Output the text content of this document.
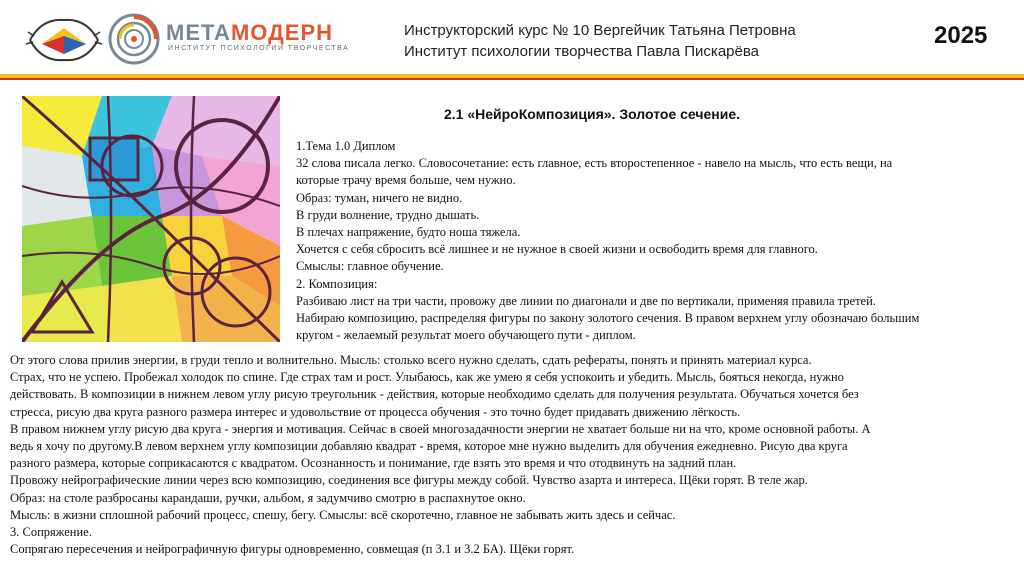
МЕТАМОДЕРН
ИНСТИТУТ ПСИХОЛОГИИ ТВОРЧЕСТВА
Инструкторский курс № 10 Вергейчик Татьяна Петровна
Институт психологии творчества Павла Пискарёва
2025
2.1 «НейроКомпозиция». Золотое сечение.
1.Тема 1.0 Диплом
32 слова писала легко. Словосочетание: есть главное, есть второстепенное - навело на мысль, что есть вещи, на
которые трачу время больше, чем нужно.
Образ: туман, ничего не видно.
В груди волнение, трудно дышать.
В плечах напряжение, будто ноша тяжела.
Хочется с себя сбросить всё лишнее и не нужное в своей жизни и освободить время для главного.
Смыслы: главное обучение.
2. Композиция:
Разбиваю лист на три части, провожу две линии по диагонали и две по вертикали, применяя правила третей.
Набираю композицию, распределяя фигуры по закону золотого сечения. В правом верхнем углу обозначаю большим
кругом - желаемый результат моего обучающего пути - диплом.
От этого слова прилив энергии, в груди тепло и волнительно. Мысль: столько всего нужно сделать, сдать рефераты, понять и принять материал курса.
Страх, что не успею. Пробежал холодок по спине. Где страх там и рост. Улыбаюсь, как же умею я себя успокоить и убедить. Мысль, бояться некогда, нужно
действовать. В композиции в нижнем левом углу рисую треугольник - действия, которые необходимо сделать для получения результата. Обучаться хочется без
стресса, рисую два круга разного размера интерес и удовольствие от процесса обучения - это точно будет придавать движению лёгкость.
В правом нижнем углу рисую два круга - энергия и мотивация. Сейчас в своей многозадачности энергии не хватает больше ни на что, кроме основной работы. А
ведь я хочу по другому.В левом верхнем углу композиции добавляю квадрат - время, которое мне нужно выделить для обучения ежедневно. Рисую два круга
разного размера, которые соприкасаются с квадратом. Осознанность и понимание, где взять это время и что отодвинуть на задний план.
Провожу нейрографические линии через всю композицию, соединения все фигуры между собой. Чувство азарта и интереса. Щёки горят. В теле жар.
Образ: на столе разбросаны карандаши, ручки, альбом, я задумчиво смотрю в распахнутое окно.
Мысль: в жизни сплошной рабочий процесс, спешу, бегу. Смыслы: всё скоротечно, главное не забывать жить здесь и сейчас.
3. Сопряжение.
Сопрягаю пересечения и нейрографичную фигуры одновременно, совмещая (п 3.1 и 3.2 БА). Щёки горят.
